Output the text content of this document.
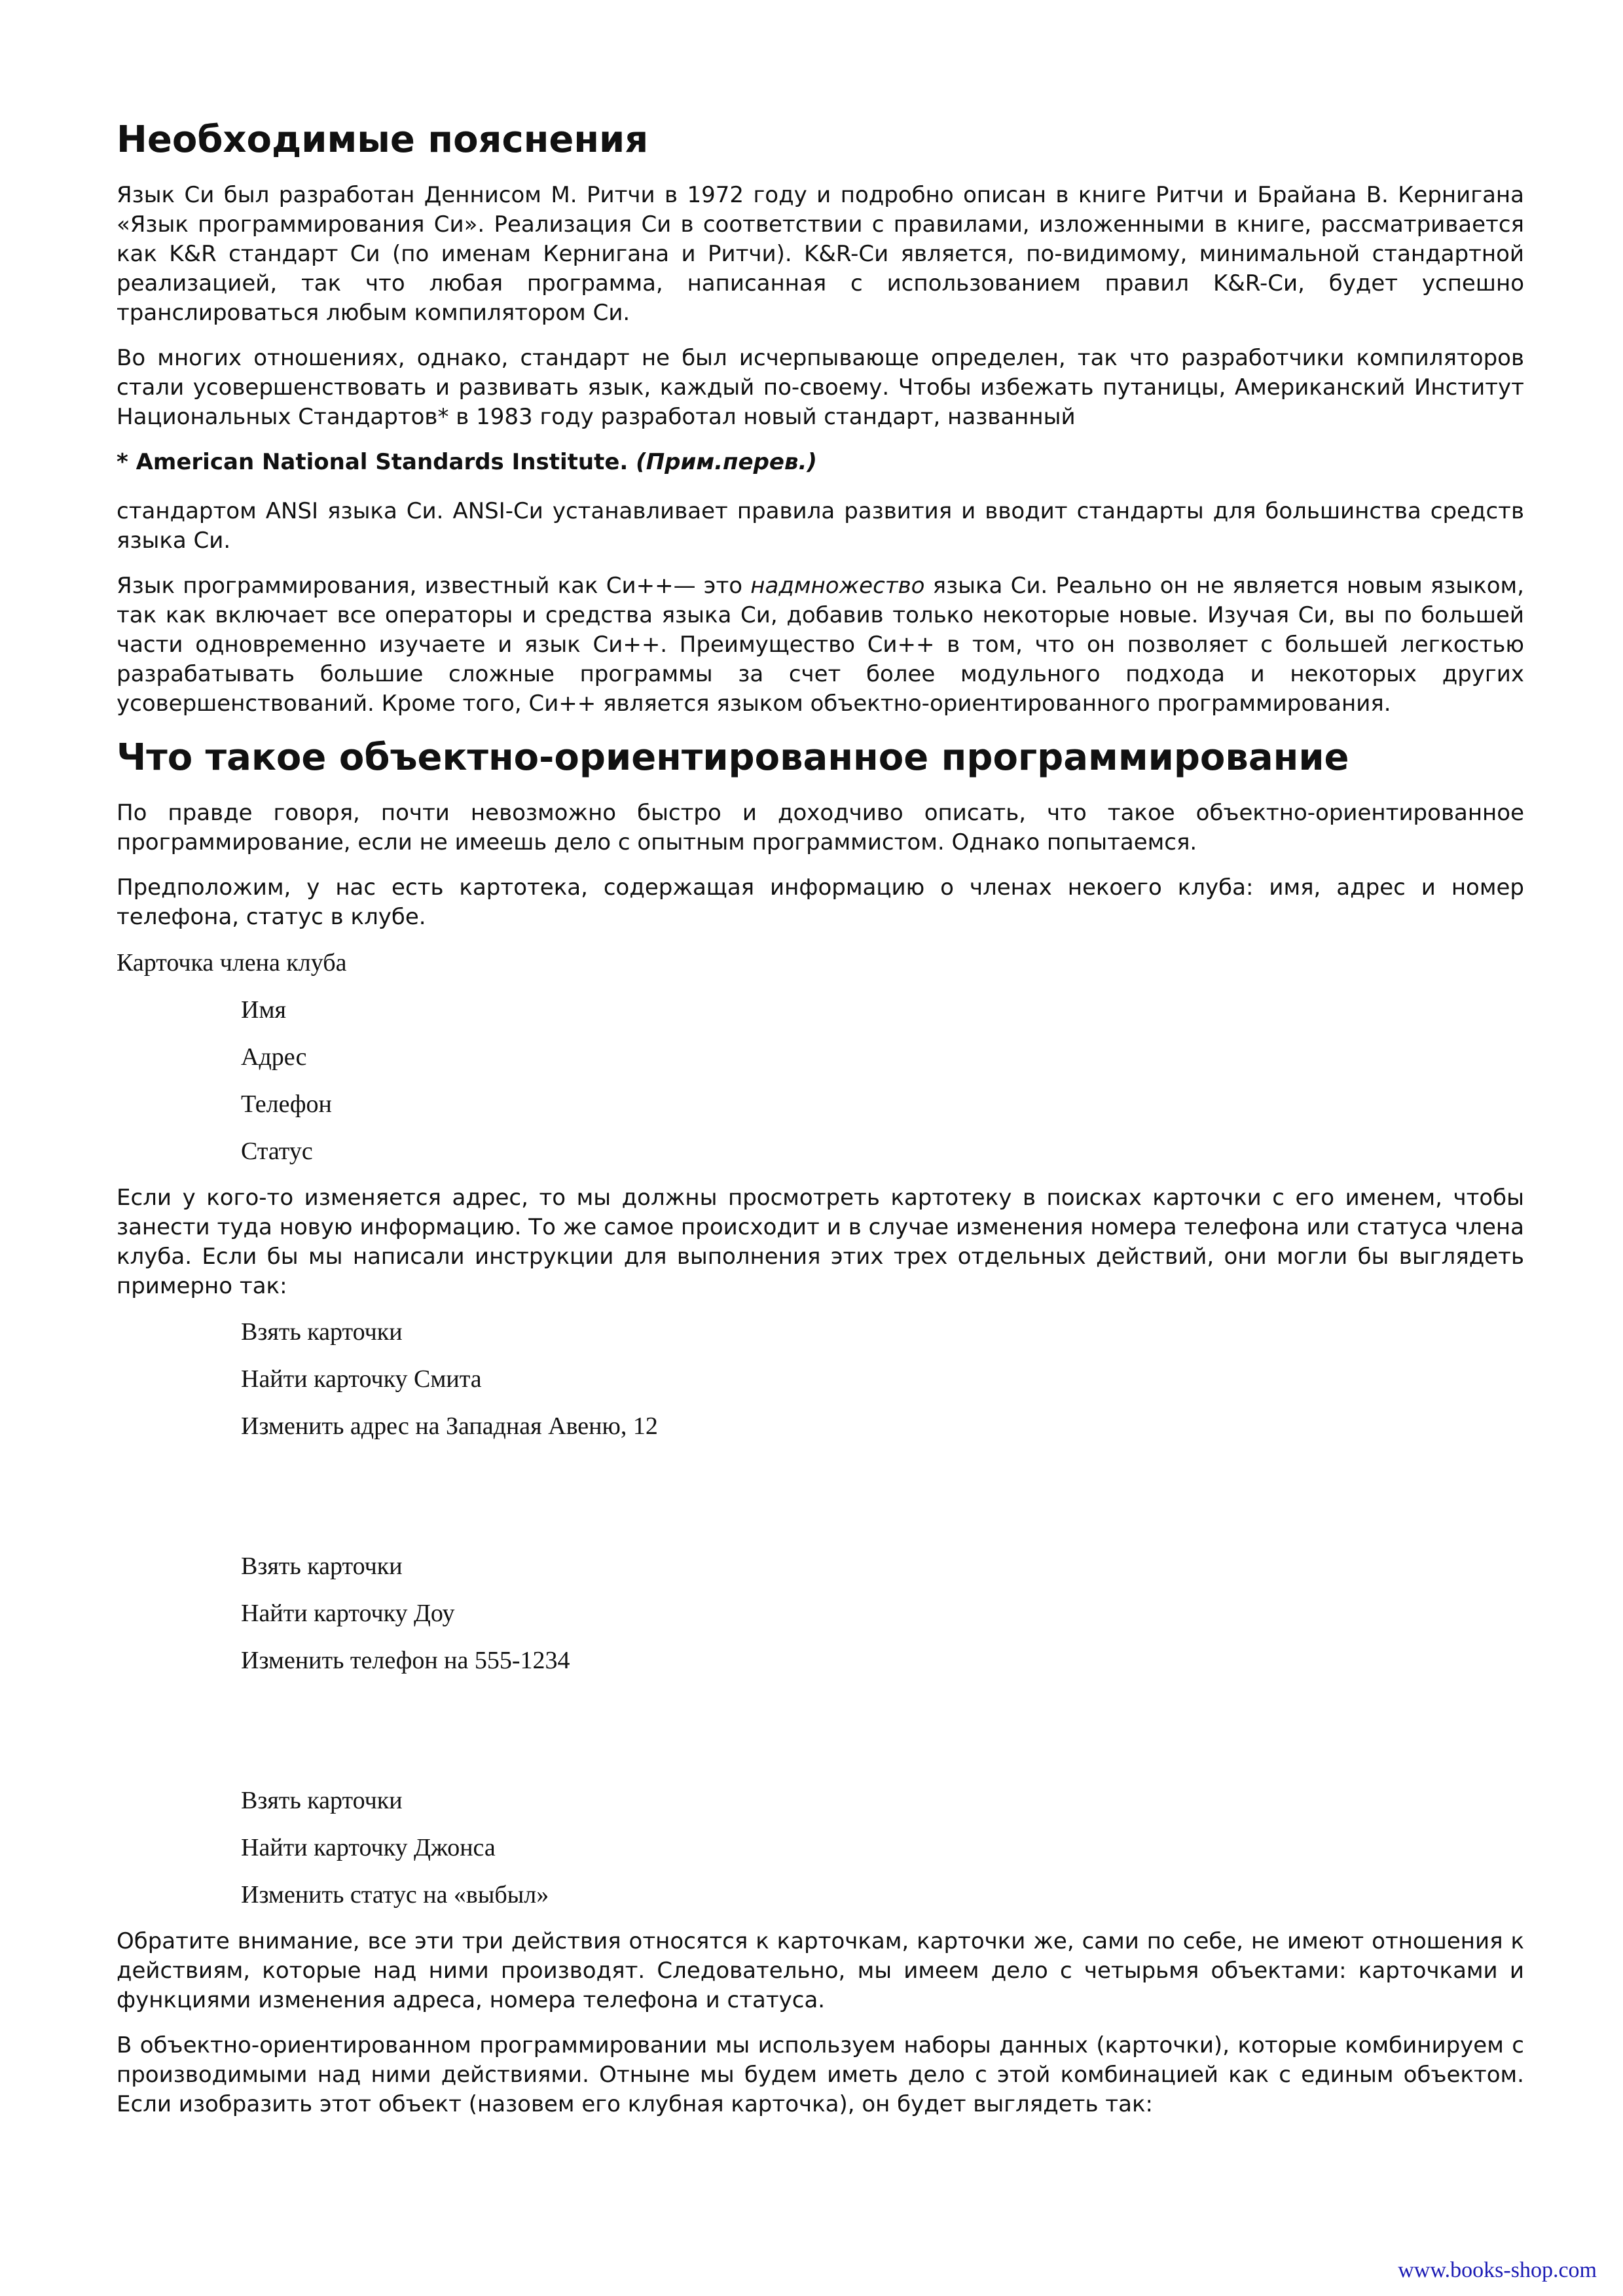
Необходимые пояснения

Язык Си был разработан Деннисом М. Ритчи в 1972 году и подробно описан в книге Ритчи и Брайана В. Кернигана «Язык программирования Си». Реализация Си в соответствии с правилами, изложенными в книге, рассматривается как K&R стандарт Си (по именам Кернигана и Ритчи). K&R-Си является, по-видимому, минимальной стандартной реализацией, так что любая программа, написанная с использованием правил K&R-Си, будет успешно транслироваться любым компилятором Си.

Во многих отношениях, однако, стандарт не был исчерпывающе определен, так что разработчики компиляторов стали усовершенствовать и развивать язык, каждый по-своему. Чтобы избежать путаницы, Американский Институт Национальных Стандартов* в 1983 году разработал новый стандарт, названный

* American National Standards Institute. (Прим.перев.)

стандартом ANSI языка Си. ANSI-Си устанавливает правила развития и вводит стандарты для большинства средств языка Си.

Язык программирования, известный как Си++— это надмножество языка Си. Реально он не является новым языком, так как включает все операторы и средства языка Си, добавив только некоторые новые. Изучая Си, вы по большей части одновременно изучаете и язык Си++. Преимущество Си++ в том, что он позволяет с большей легкостью разрабатывать большие сложные программы за счет более модульного подхода и некоторых других усовершенствований. Кроме того, Си++ является языком объектно-ориентированного программирования.

Что такое объектно-ориентированное программирование

По правде говоря, почти невозможно быстро и доходчиво описать, что такое объектно-ориентированное программирование, если не имеешь дело с опытным программистом. Однако попытаемся.

Предположим, у нас есть картотека, содержащая информацию о членах некоего клуба: имя, адрес и номер телефона, статус в клубе.

Карточка члена клуба
Имя
Адрес
Телефон
Статус

Если у кого-то изменяется адрес, то мы должны просмотреть картотеку в поисках карточки с его именем, чтобы занести туда новую информацию. То же самое происходит и в случае изменения номера телефона или статуса члена клуба. Если бы мы написали инструкции для выполнения этих трех отдельных действий, они могли бы выглядеть примерно так:

Взять карточки
Найти карточку Смита
Изменить адрес на Западная Авеню, 12
Взять карточки
Найти карточку Доу
Изменить телефон на 555-1234
Взять карточки
Найти карточку Джонса
Изменить статус на «выбыл»

Обратите внимание, все эти три действия относятся к карточкам, карточки же, сами по себе, не имеют отношения к действиям, которые над ними производят. Следовательно, мы имеем дело с четырьмя объектами: карточками и функциями изменения адреса, номера телефона и статуса.

В объектно-ориентированном программировании мы используем наборы данных (карточки), которые комбинируем с производимыми над ними действиями. Отныне мы будем иметь дело с этой комбинацией как с единым объектом. Если изобразить этот объект (назовем его клубная карточка), он будет выглядеть так:

www.books-shop.com
